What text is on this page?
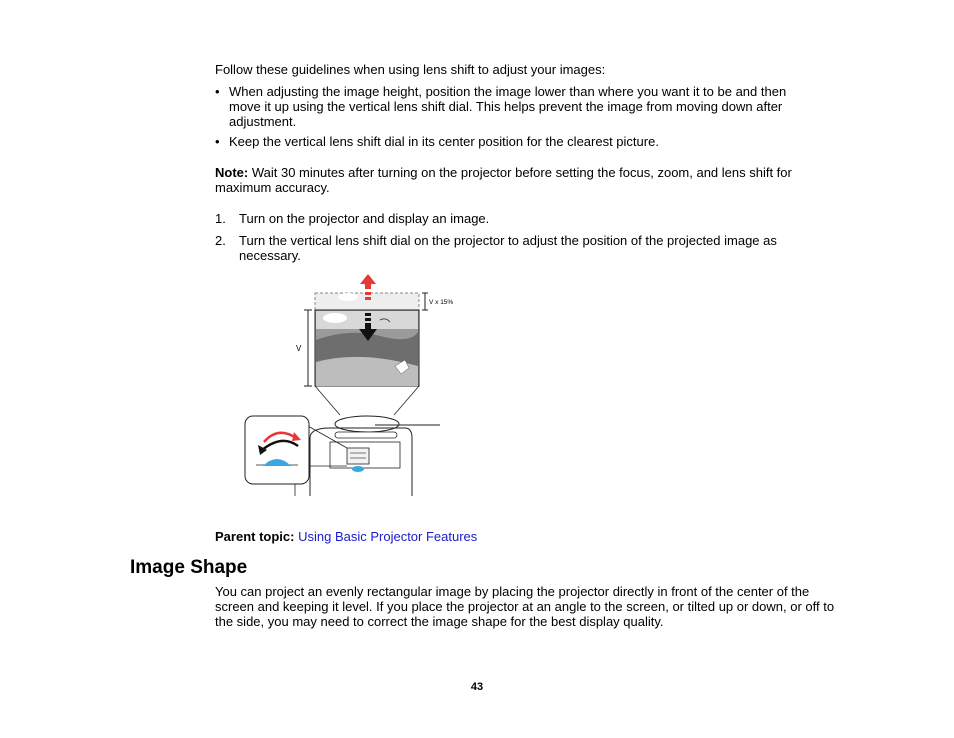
Follow these guidelines when using lens shift to adjust your images:

• When adjusting the image height, position the image lower than where you want it to be and then move it up using the vertical lens shift dial. This helps prevent the image from moving down after adjustment.
• Keep the vertical lens shift dial in its center position for the clearest picture.

Note: Wait 30 minutes after turning on the projector before setting the focus, zoom, and lens shift for maximum accuracy.

1. Turn on the projector and display an image.
2. Turn the vertical lens shift dial on the projector to adjust the position of the projected image as necessary.
V
V x 15%

Parent topic: Using Basic Projector Features

Image Shape

You can project an evenly rectangular image by placing the projector directly in front of the center of the screen and keeping it level. If you place the projector at an angle to the screen, or tilted up or down, or off to the side, you may need to correct the image shape for the best display quality.

43
